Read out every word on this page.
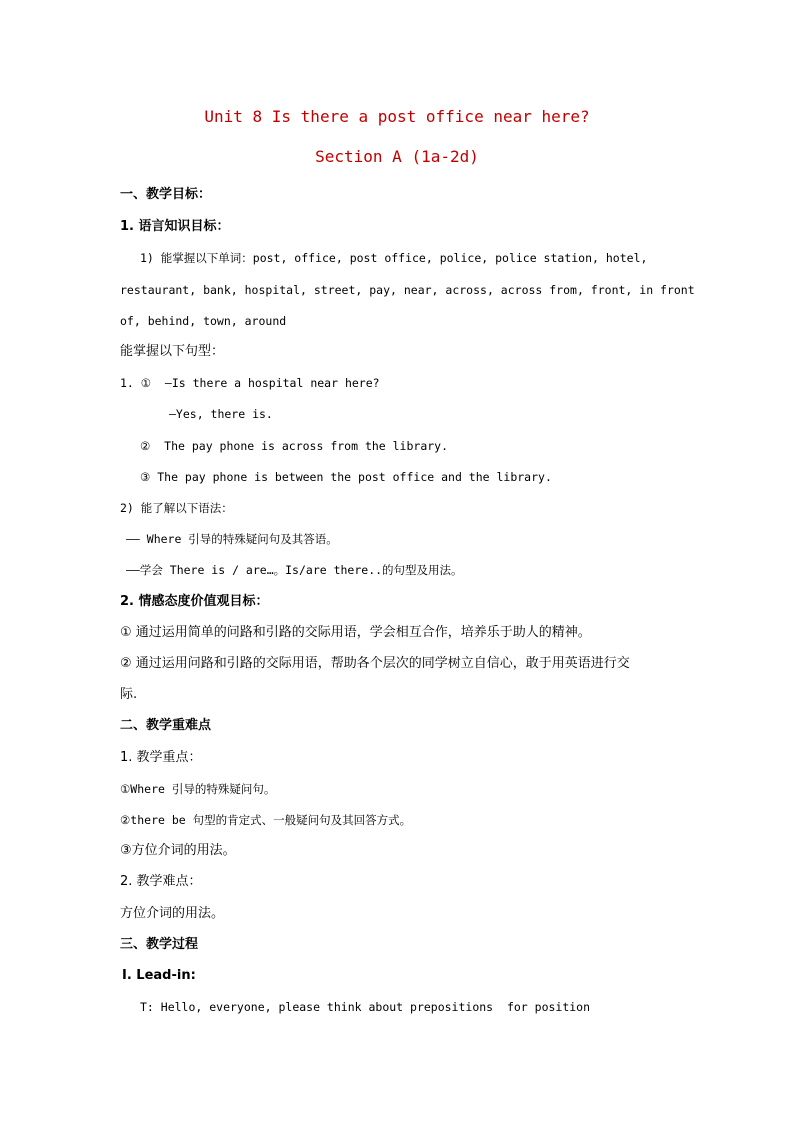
Unit 8 Is there a post office near here?
Section A (1a-2d)
一、教学目标：
1. 语言知识目标：
1) 能掌握以下单词：post, office, post office, police, police station, hotel,
restaurant, bank, hospital, street, pay, near, across, across from, front, in front
of, behind, town, around
能掌握以下句型：
1. ①  —Is there a hospital near here?
—Yes, there is.
②  The pay phone is across from the library.
③ The pay phone is between the post office and the library.
2) 能了解以下语法：
—— Where 引导的特殊疑问句及其答语。
——学会 There is / are…。Is/are there..的句型及用法。
2. 情感态度价值观目标：
① 通过运用简单的问路和引路的交际用语，学会相互合作，培养乐于助人的精神。
② 通过运用问路和引路的交际用语，帮助各个层次的同学树立自信心，敢于用英语进行交
际.
二、教学重难点
1. 教学重点：
①Where 引导的特殊疑问句。
②there be 句型的肯定式、一般疑问句及其回答方式。
③方位介词的用法。
2. 教学难点：
方位介词的用法。
三、教学过程
Ⅰ. Lead-in:
T: Hello, everyone, please think about prepositions  for position
